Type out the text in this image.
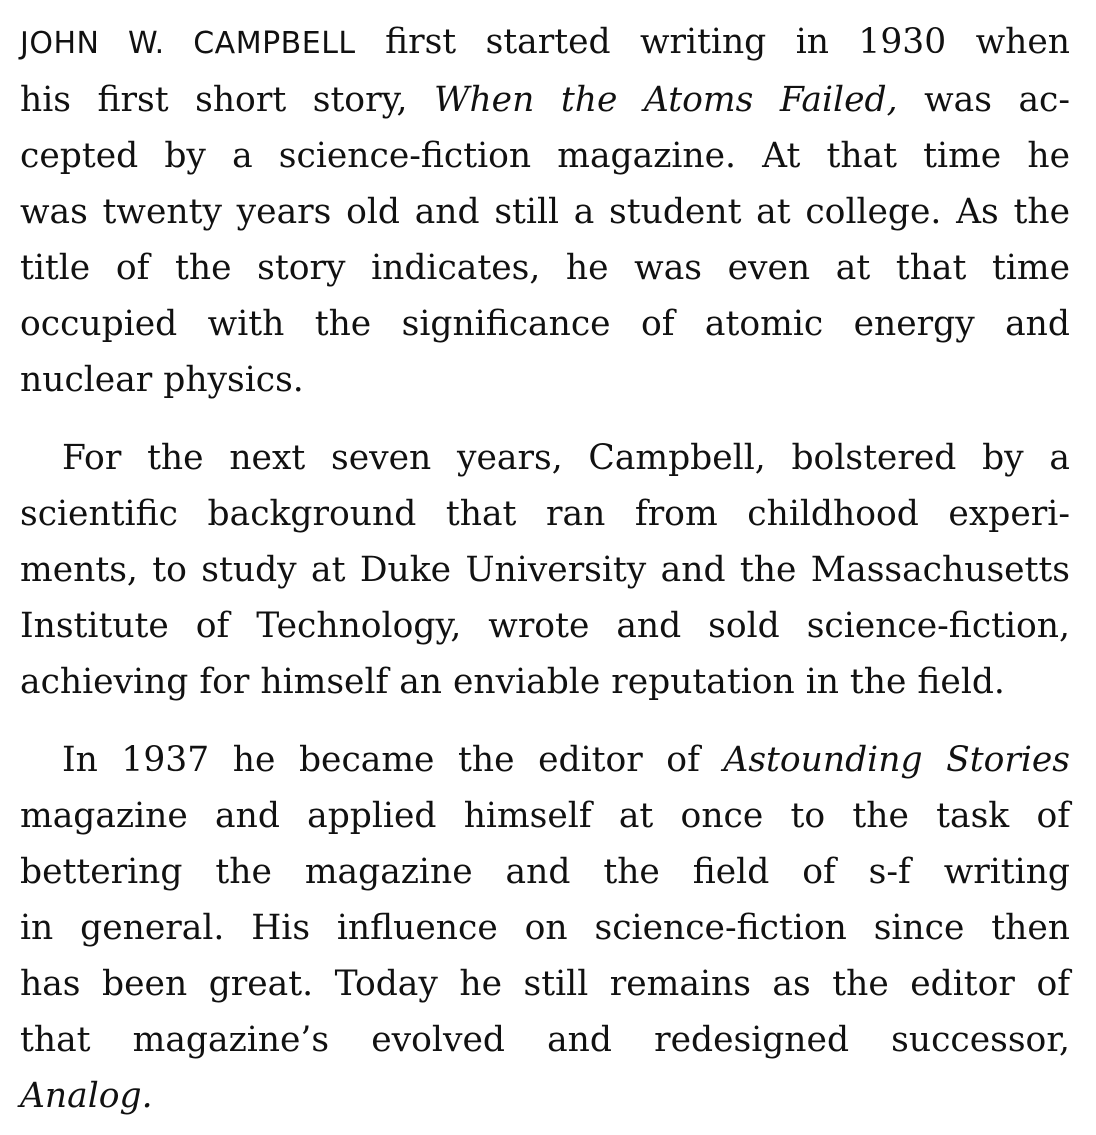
JOHN W. CAMPBELL first started writing in 1930 when
his first short story, When the Atoms Failed, was ac-
cepted by a science-fiction magazine. At that time he
was twenty years old and still a student at college. As the
title of the story indicates, he was even at that time
occupied with the significance of atomic energy and
nuclear physics.
For the next seven years, Campbell, bolstered by a
scientific background that ran from childhood experi-
ments, to study at Duke University and the Massachusetts
Institute of Technology, wrote and sold science-fiction,
achieving for himself an enviable reputation in the field.
In 1937 he became the editor of Astounding Stories
magazine and applied himself at once to the task of
bettering the magazine and the field of s-f writing
in general. His influence on science-fiction since then
has been great. Today he still remains as the editor of
that magazine’s evolved and redesigned successor,
Analog.
